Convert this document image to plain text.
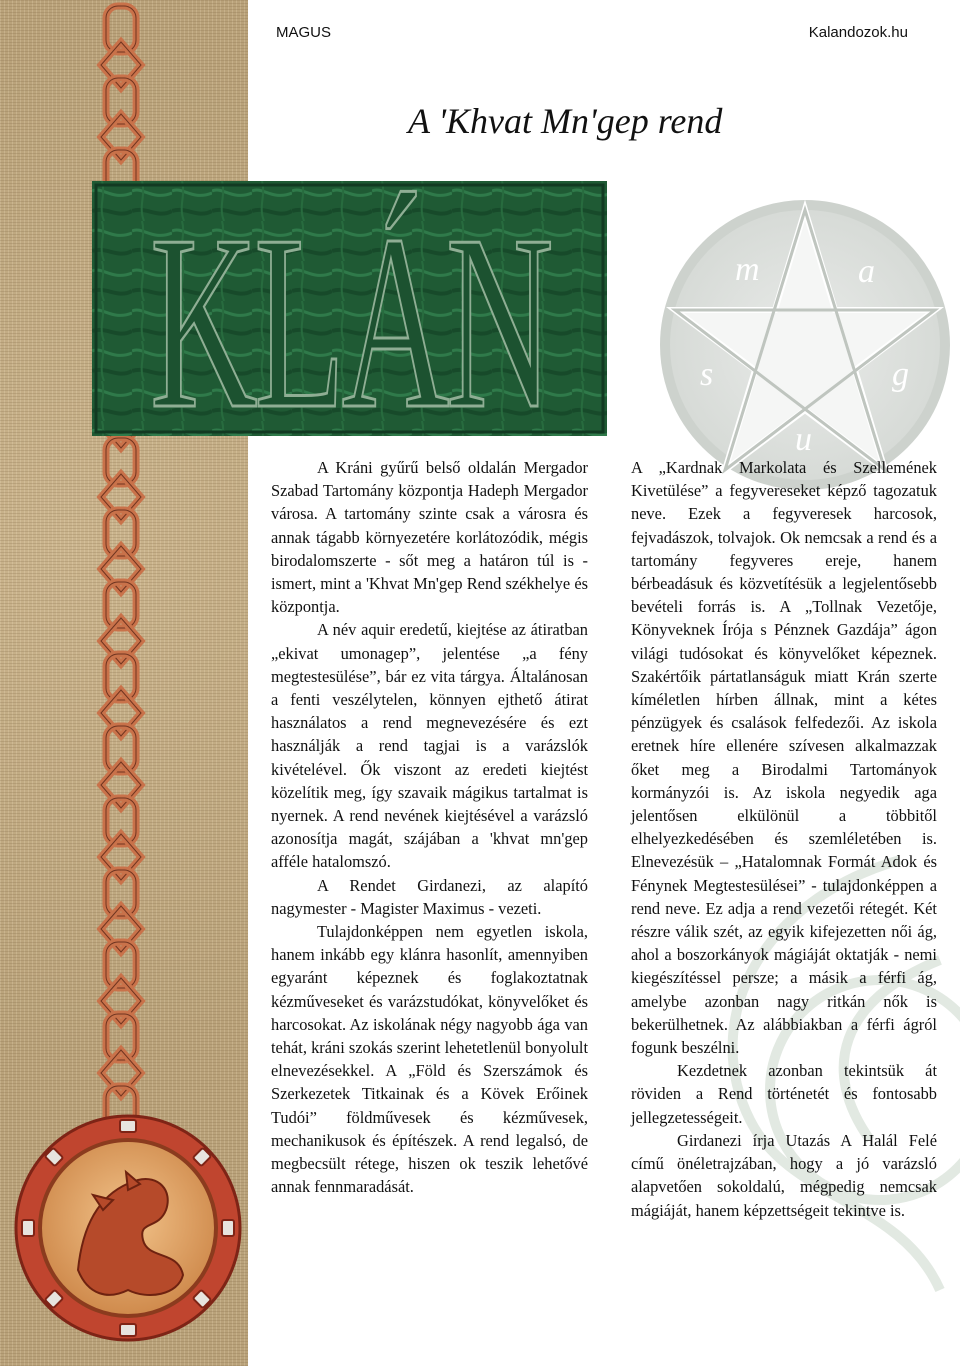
MAGUS	Kalandozok.hu
A 'Khvat Mn'gep rend
m	a
g
u
s
KLÁN

A Kráni gyűrű belső oldalán Mergador Szabad Tartomány központja Hadeph Mergador városa. A tartomány szinte csak a városra és annak tágabb környezetére korlátozódik, mégis birodalomszerte - sőt meg a határon túl is - ismert, mint a 'Khvat Mn'gep Rend székhelye és központja.

A név aquir eredetű, kiejtése az átiratban „ekivat umonagep”, jelentése „a fény megtestesülése”, bár ez vita tárgya. Általánosan a fenti veszélytelen, könnyen ejthető átirat használatos a rend megnevezésére és ezt használják a rend tagjai is a varázslók kivételével. Ők viszont az eredeti kiejtést közelítik meg, így szavaik mágikus tartalmat is nyernek. A rend nevének kiejtésével a varázsló azonosítja magát, szájában a 'khvat mn'gep afféle hatalomszó.

A Rendet Girdanezi, az alapító nagymester - Magister Maximus - vezeti.

Tulajdonképpen nem egyetlen iskola, hanem inkább egy klánra hasonlít, amennyiben egyaránt képeznek és foglakoztatnak kézműveseket és varázstudókat, könyvelőket és harcosokat. Az iskolának négy nagyobb ága van tehát, kráni szokás szerint lehetetlenül bonyolult elnevezésekkel. A „Föld és Szerszámok és Szerkezetek Titkainak és a Kövek Erőinek Tudói” földművesek és kézművesek, mechanikusok és építészek. A rend legalsó, de megbecsült rétege, hiszen ok teszik lehetővé annak fennmaradását.

A „Kardnak Markolata és Szellemének Kivetülése” a fegyvereseket képző tagozatuk neve. Ezek a fegyveresek harcosok, fejvadászok, tolvajok. Ok nemcsak a rend és a tartomány fegyveres ereje, hanem bérbeadásuk és közvetítésük a legjelentősebb bevételi forrás is. A „Tollnak Vezetője, Könyveknek Írója s Pénznek Gazdája” ágon világi tudósokat és könyvelőket képeznek. Szakértőik pártatlanságuk miatt Krán szerte kíméletlen hírben állnak, mint a kétes pénzügyek és csalások felfedezői. Az iskola eretnek híre ellenére szívesen alkalmazzak őket meg a Birodalmi Tartományok kormányzói is. Az iskola negyedik aga jelentősen elkülönül a többitől elhelyezkedésében és szemléletében is. Elnevezésük – „Hatalomnak Formát Adok és Fénynek Megtestesülései” - tulajdonképpen a rend neve. Ez adja a rend vezetői rétegét. Két részre válik szét, az egyik kifejezetten női ág, ahol a boszorkányok mágiáját oktatják - nemi kiegészítéssel persze; a másik a férfi ág, amelybe azonban nagy ritkán nők is bekerülhetnek. Az alábbiakban a férfi ágról fogunk beszélni.

Kezdetnek azonban tekintsük át röviden a Rend történetét és fontosabb jellegzetességeit.

Girdanezi írja Utazás A Halál Felé című önéletrajzában, hogy a jó varázsló alapvetően sokoldalú, mégpedig nemcsak mágiáját, hanem képzettségeit tekintve is.
